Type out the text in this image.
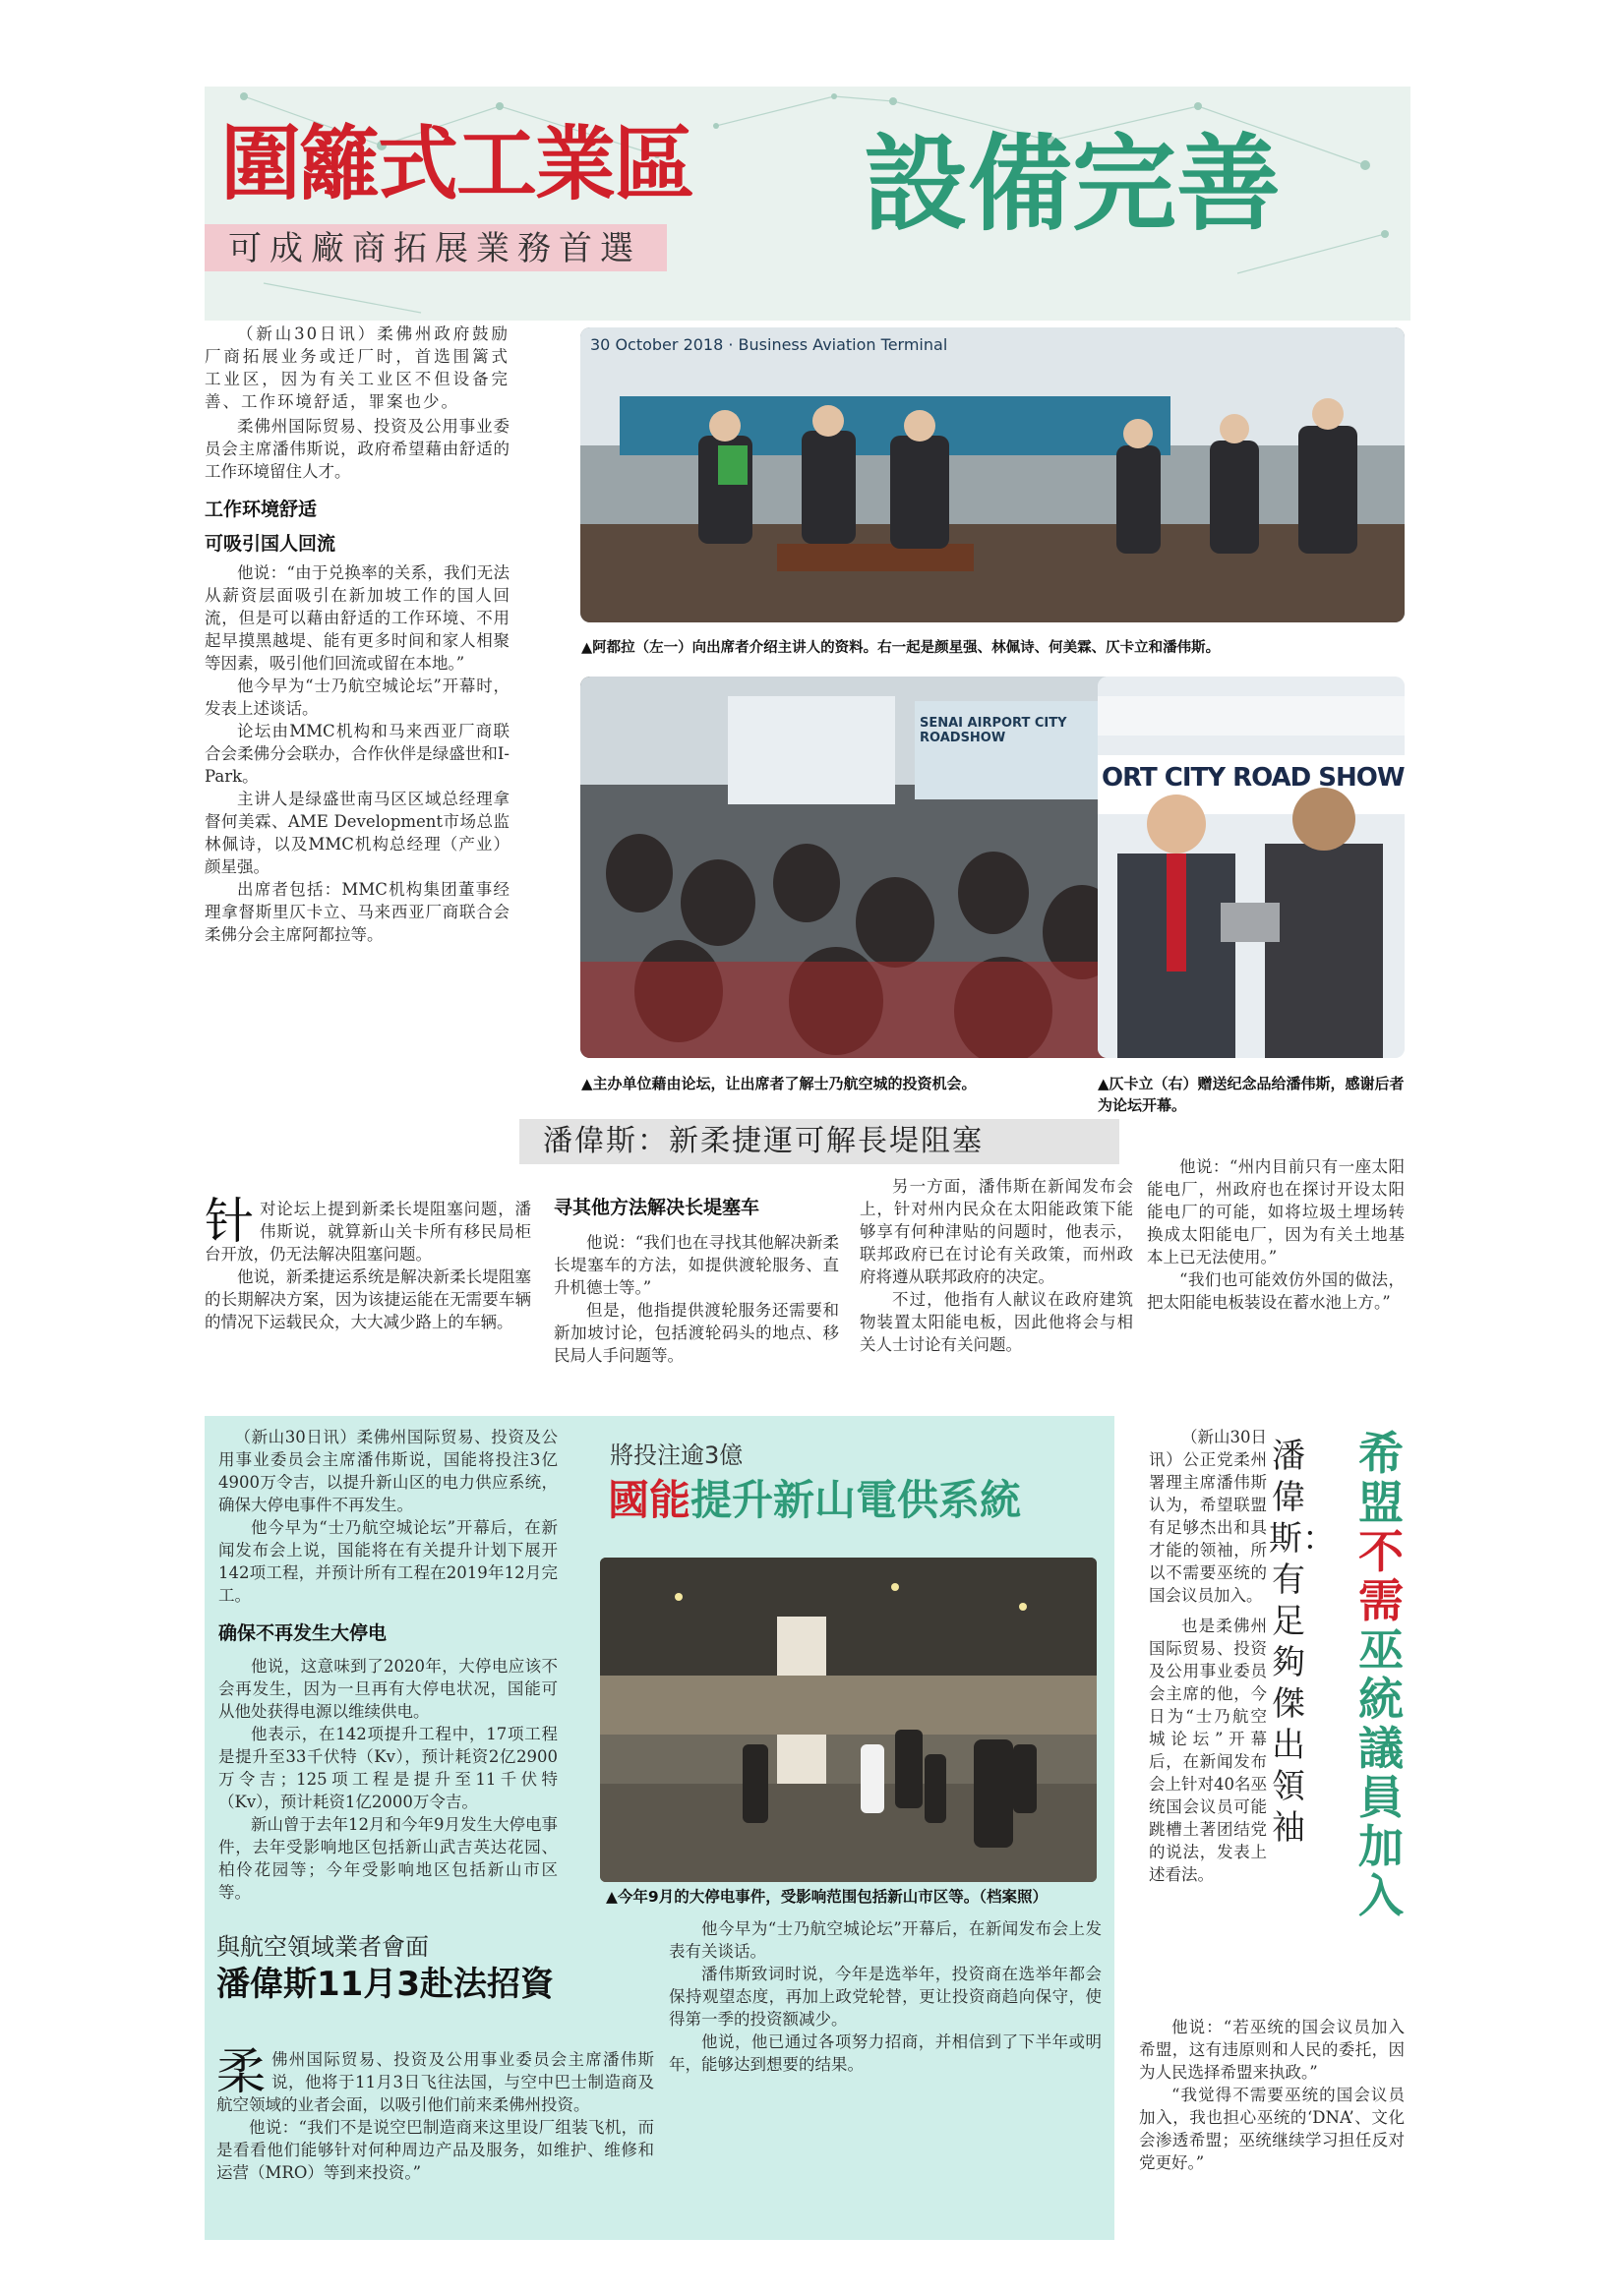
圍籬式工業區 設備完善
可成廠商拓展業務首選
（新山30日讯）柔佛州政府鼓励厂商拓展业务或迁厂时，首选围篱式工业区，因为有关工业区不但设备完善、工作环境舒适，罪案也少。
柔佛州国际贸易、投资及公用事业委员会主席潘伟斯说，政府希望藉由舒适的工作环境留住人才。
工作环境舒适
可吸引国人回流
他说：“由于兑换率的关系，我们无法从薪资层面吸引在新加坡工作的国人回流，但是可以藉由舒适的工作环境、不用起早摸黑越堤、能有更多时间和家人相聚等因素，吸引他们回流或留在本地。”
他今早为“士乃航空城论坛”开幕时，发表上述谈话。
论坛由MMC机构和马来西亚厂商联合会柔佛分会联办，合作伙伴是绿盛世和I-Park。
主讲人是绿盛世南马区区域总经理拿督何美霖、AME Development市场总监林佩诗，以及MMC机构总经理（产业）颜星强。
出席者包括：MMC机构集团董事经理拿督斯里仄卡立、马来西亚厂商联合会柔佛分会主席阿都拉等。
30 October 2018 · Business Aviation Terminal
▲阿都拉（左一）向出席者介绍主讲人的资料。右一起是颜星强、林佩诗、何美霖、仄卡立和潘伟斯。
SENAI AIRPORT CITY ROADSHOW
▲主办单位藉由论坛，让出席者了解士乃航空城的投资机会。
ORT CITY ROAD SHOW
▲仄卡立（右）赠送纪念品给潘伟斯，感谢后者为论坛开幕。
潘偉斯：新柔捷運可解長堤阻塞

针对论坛上提到新柔长堤阻塞问题，潘伟斯说，就算新山关卡所有移民局柜台开放，仍无法解决阻塞问题。

他说，新柔捷运系统是解决新柔长堤阻塞的长期解决方案，因为该捷运能在无需要车辆的情况下运载民众，大大减少路上的车辆。
寻其他方法解决长堤塞车
他说：“我们也在寻找其他解决新柔长堤塞车的方法，如提供渡轮服务、直升机德士等。”
但是，他指提供渡轮服务还需要和新加坡讨论，包括渡轮码头的地点、移民局人手问题等。
另一方面，潘伟斯在新闻发布会上，针对州内民众在太阳能政策下能够享有何种津贴的问题时，他表示，联邦政府已在讨论有关政策，而州政府将遵从联邦政府的决定。
不过，他指有人献议在政府建筑物装置太阳能电板，因此他将会与相关人士讨论有关问题。
他说：“州内目前只有一座太阳能电厂，州政府也在探讨开设太阳能电厂的可能，如将垃圾土埋场转换成太阳能电厂，因为有关土地基本上已无法使用。”
“我们也可能效仿外国的做法，把太阳能电板装设在蓄水池上方。”
（新山30日讯）柔佛州国际贸易、投资及公用事业委员会主席潘伟斯说，国能将投注3亿4900万令吉，以提升新山区的电力供应系统，确保大停电事件不再发生。
他今早为“士乃航空城论坛”开幕后，在新闻发布会上说，国能将在有关提升计划下展开142项工程，并预计所有工程在2019年12月完工。
确保不再发生大停电
他说，这意味到了2020年，大停电应该不会再发生，因为一旦再有大停电状况，国能可从他处获得电源以维续供电。
他表示，在142项提升工程中，17项工程是提升至33千伏特（Kv），预计耗资2亿2900万令吉；125项工程是提升至11千伏特（Kv），预计耗资1亿2000万令吉。
新山曾于去年12月和今年9月发生大停电事件，去年受影响地区包括新山武吉英达花园、柏伶花园等；今年受影响地区包括新山市区等。
將投注逾3億
國能提升新山電供系統
▲今年9月的大停电事件，受影响范围包括新山市区等。（档案照）
與航空領域業者會面
潘偉斯11月3赴法招資

柔佛州国际贸易、投资及公用事业委员会主席潘伟斯说，他将于11月3日飞往法国，与空中巴士制造商及航空领域的业者会面，以吸引他们前来柔佛州投资。

他说：“我们不是说空巴制造商来这里设厂组装飞机，而是看看他们能够针对何种周边产品及服务，如维护、维修和运营（MRO）等到来投资。”
他今早为“士乃航空城论坛”开幕后，在新闻发布会上发表有关谈话。
潘伟斯致词时说，今年是选举年，投资商在选举年都会保持观望态度，再加上政党轮替，更让投资商趋向保守，使得第一季的投资额减少。
他说，他已通过各项努力招商，并相信到了下半年或明年，能够达到想要的结果。
（新山30日讯）公正党柔州署理主席潘伟斯认为，希望联盟有足够杰出和具才能的领袖，所以不需要巫统的国会议员加入。
也是柔佛州国际贸易、投资及公用事业委员会主席的他，今日为“士乃航空城论坛”开幕后，在新闻发布会上针对40名巫统国会议员可能跳槽土著团结党的说法，发表上述看法。
潘偉斯：有足夠傑出領袖
希盟不需巫統議員加入
他说：“若巫统的国会议员加入希盟，这有违原则和人民的委托，因为人民选择希盟来执政。”
“我觉得不需要巫统的国会议员加入，我也担心巫统的‘DNA’、文化会渗透希盟；巫统继续学习担任反对党更好。”
